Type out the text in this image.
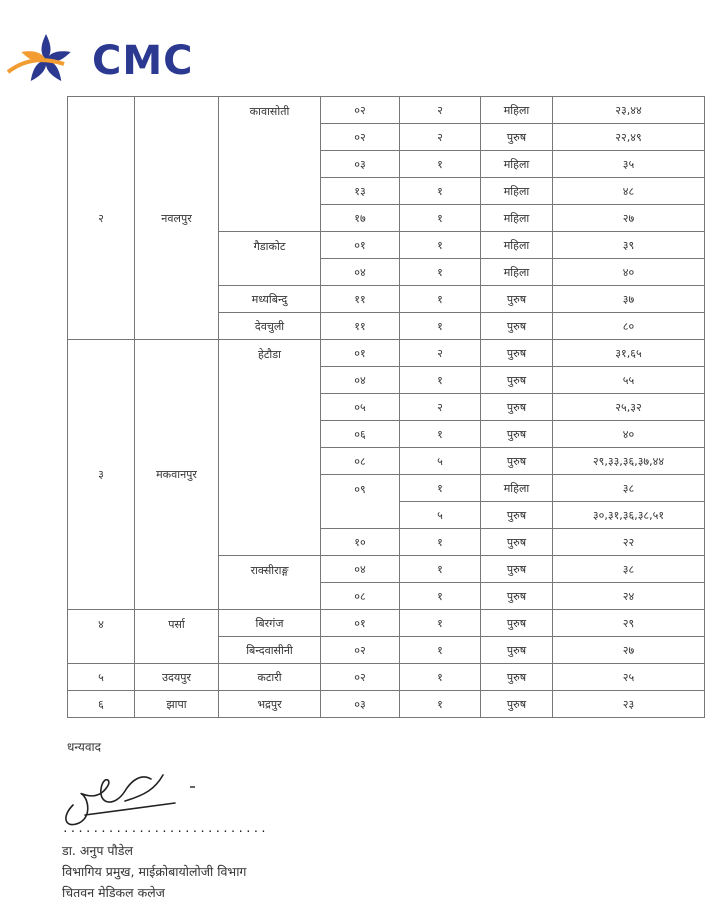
CMC
२	नवलपुर	कावासोती	०२	२	महिला	२३,४४
			०२	२	पुरुष	२२,४९
			०३	१	महिला	३५
			१३	१	महिला	४८
			१७	१	महिला	२७
		गैडाकोट	०१	१	महिला	३९
			०४	१	महिला	४०
		मध्यबिन्दु	११	१	पुरुष	३७
		देवचुली	११	१	पुरुष	८०
३	मकवानपुर	हेटौडा	०१	२	पुरुष	३१,६५
			०४	१	पुरुष	५५
			०५	२	पुरुष	२५,३२
			०६	१	पुरुष	४०
			०८	५	पुरुष	२९,३३,३६,३७,४४
			०९	१	महिला	३८
				५	पुरुष	३०,३१,३६,३८,५१
			१०	१	पुरुष	२२
		राक्सीराङ्ग	०४	१	पुरुष	३८
			०८	१	पुरुष	२४
४	पर्सा	बिरगंज	०१	१	पुरुष	२९
		बिन्दवासीनी	०२	१	पुरुष	२७
५	उदयपुर	कटारी	०२	१	पुरुष	२५
६	झापा	भद्रपुर	०३	१	पुरुष	२३
धन्यवाद
...........................
डा. अनुप पौडेल
विभागिय प्रमुख, माईक्रोबायोलोजी विभाग
चितवन मेडिकल कलेज
